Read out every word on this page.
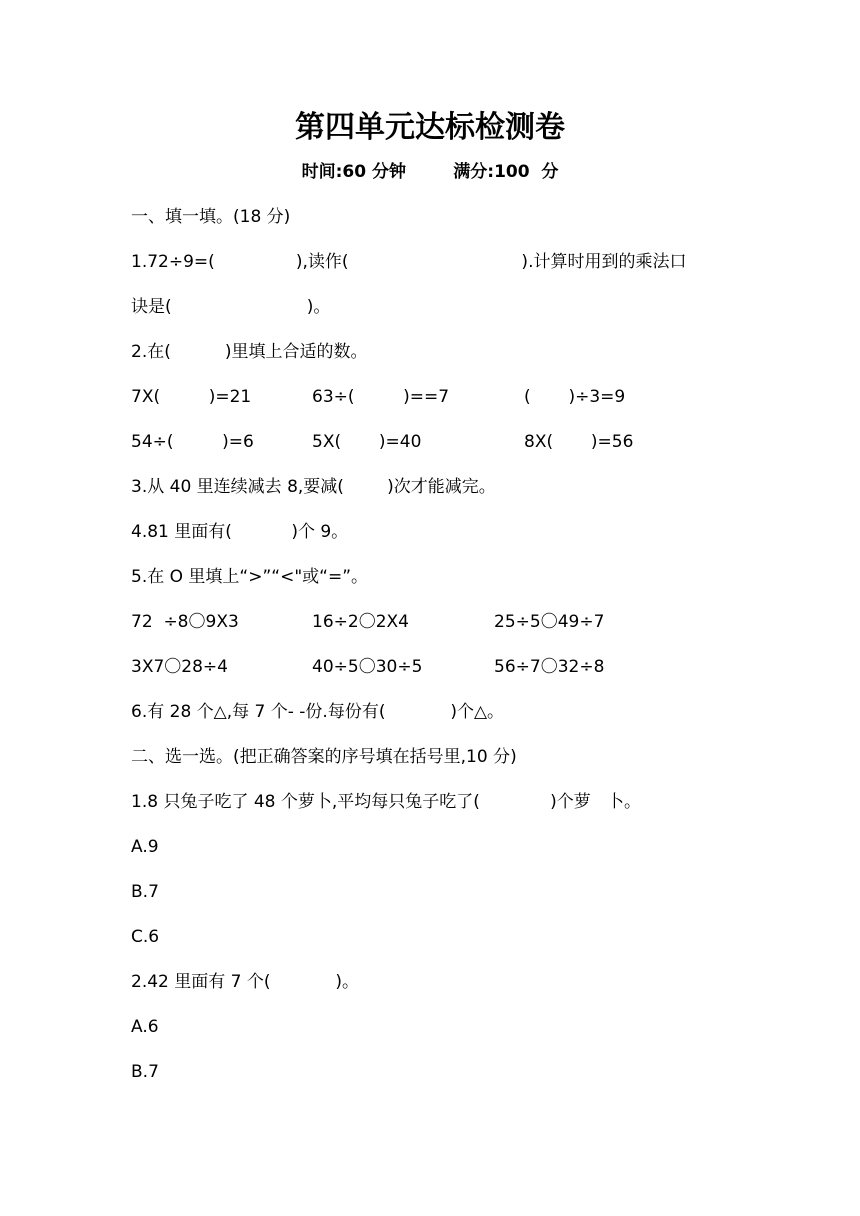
第四单元达标检测卷
时间:60 分钟        满分:100  分
一、填一填。(18 分)
1.72÷9=(               ),读作(                                ).计算时用到的乘法口
诀是(                         )。
2.在(          )里填上合适的数。
7X(         )=21	63÷(         )==7	(       )÷3=9
54÷(         )=6	5X(       )=40	8X(       )=56
3.从 40 里连续减去 8,要减(        )次才能减完。
4.81 里面有(           )个 9。
5.在 O 里填上“>”“<"或“=”。
72  ÷8〇9X3	16÷2〇2X4	25÷5〇49÷7
3X7〇28÷4	40÷5〇30÷5	56÷7〇32÷8
6.有 28 个△,每 7 个- -份.每份有(            )个△。
二、选一选。(把正确答案的序号填在括号里,10 分)
1.8 只兔子吃了 48 个萝卜,平均每只兔子吃了(             )个萝   卜。
A.9
B.7
C.6
2.42 里面有 7 个(            )。
A.6
B.7
